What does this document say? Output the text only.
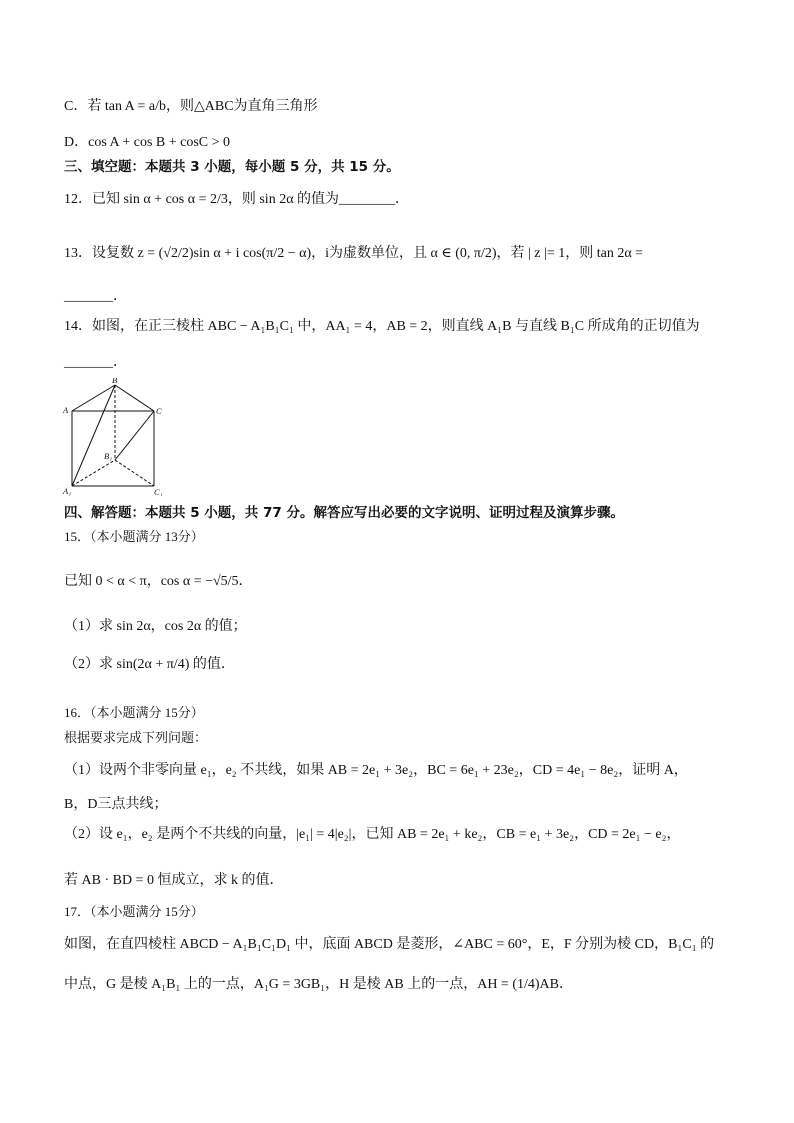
C．若 tan A = a/b，则△ABC为直角三角形
D．cos A + cos B + cosC > 0
三、填空题：本题共 3 小题，每小题 5 分，共 15 分。
12．已知 sin α + cos α = 2/3，则 sin 2α 的值为________．
13．设复数 z = (√2/2)sin α + i cos(π/2 − α)，i为虚数单位，且 α ∈ (0, π/2)，若 | z |= 1，则 tan 2α =
_______．
14．如图，在正三棱柱 ABC − A₁B₁C₁ 中，AA₁ = 4，AB = 2，则直线 A₁B 与直线 B₁C 所成角的正切值为
_______．
B
A	C
B₁
A₁	C₁
四、解答题：本题共 5 小题，共 77 分。解答应写出必要的文字说明、证明过程及演算步骤。
15．（本小题满分 13分）
已知 0 < α < π，cos α = −√5/5．
（1）求 sin 2α，cos 2α 的值；
（2）求 sin(2α + π/4) 的值．
16．（本小题满分 15分）
根据要求完成下列问题：
（1）设两个非零向量 e₁，e₂ 不共线，如果 AB = 2e₁ + 3e₂，BC = 6e₁ + 23e₂，CD = 4e₁ − 8e₂，证明 A，
B，D三点共线；
（2）设 e₁，e₂ 是两个不共线的向量，|e₁| = 4|e₂|，已知 AB = 2e₁ + ke₂，CB = e₁ + 3e₂，CD = 2e₁ − e₂，
若 AB · BD = 0 恒成立，求 k 的值．
17．（本小题满分 15分）
如图，在直四棱柱 ABCD − A₁B₁C₁D₁ 中，底面 ABCD 是菱形，∠ABC = 60°，E，F 分别为棱 CD，B₁C₁ 的
中点，G 是棱 A₁B₁ 上的一点，A₁G = 3GB₁，H 是棱 AB 上的一点，AH = (1/4)AB．
